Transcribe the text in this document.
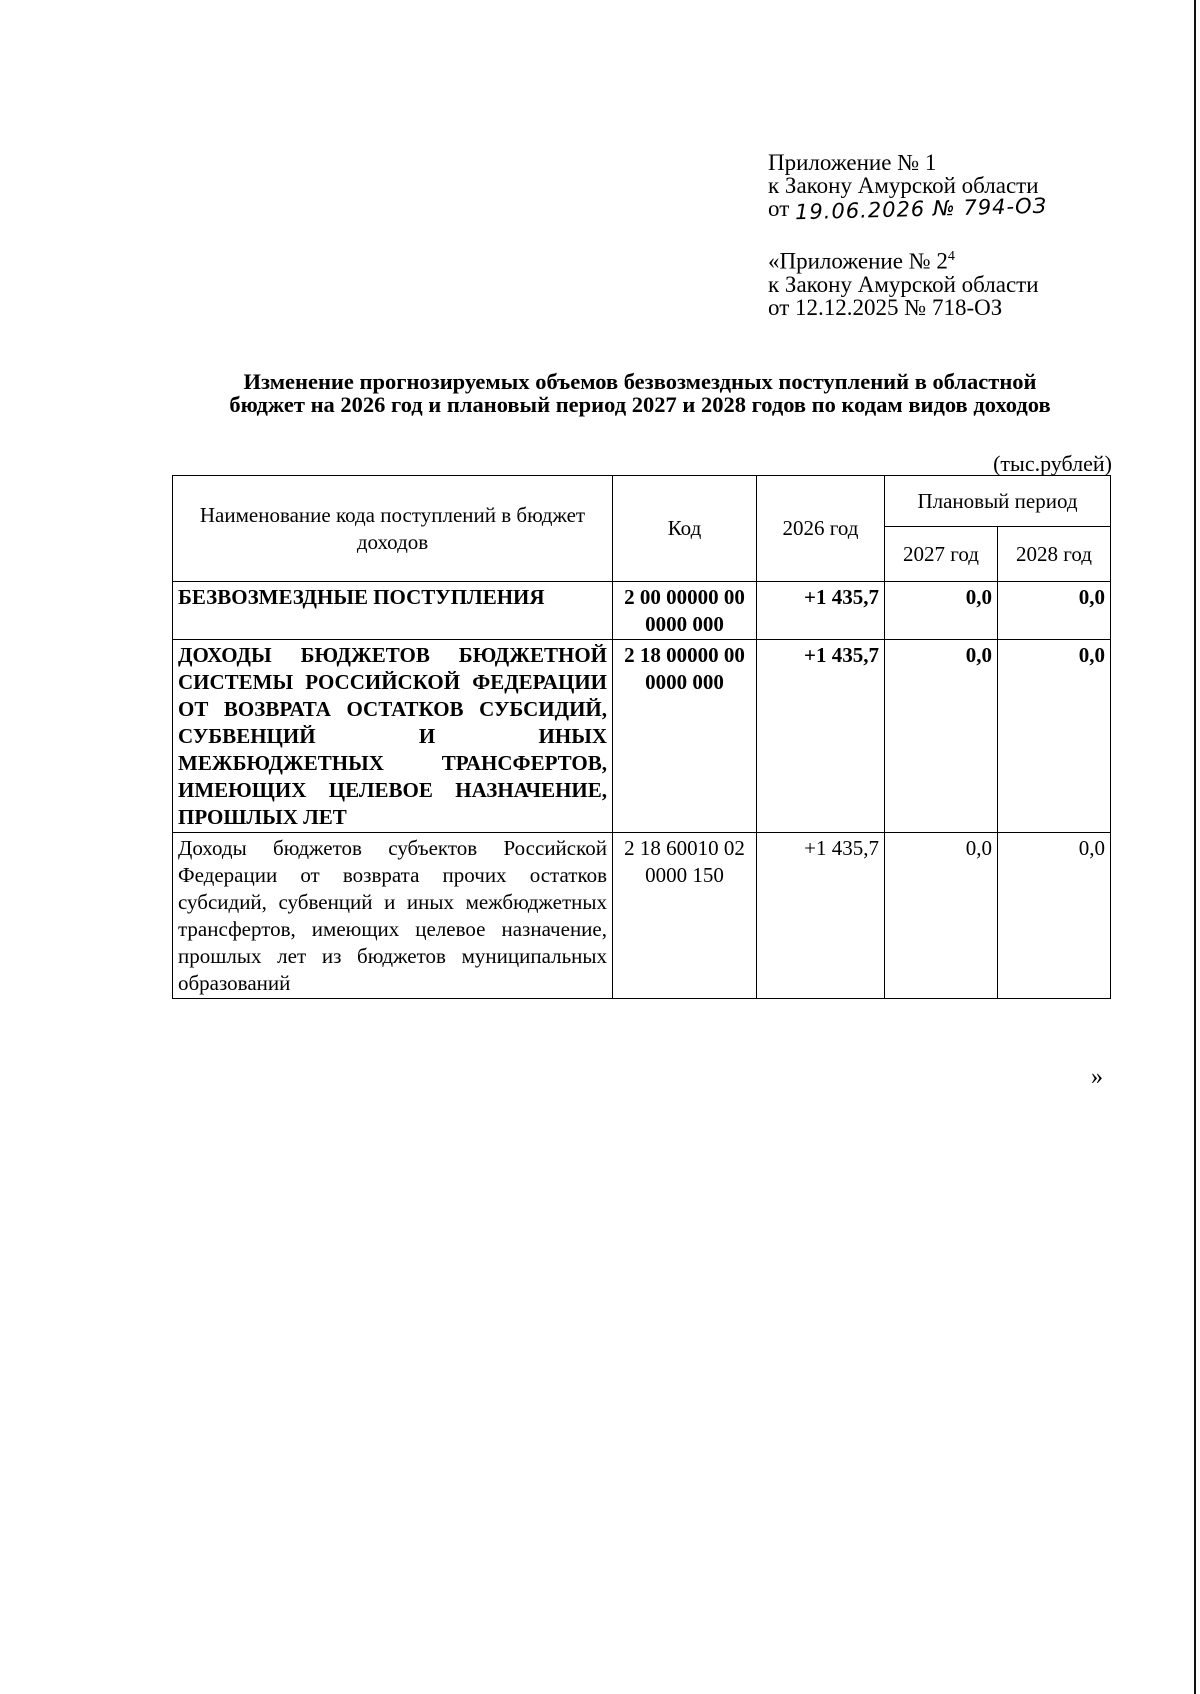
Приложение № 1
к Закону Амурской области
от 19.06.2026 № 794-ОЗ
«Приложение № $2^4$
к Закону Амурской области
от 12.12.2025 № 718-ОЗ
Изменение прогнозируемых объемов безвозмездных поступлений в областной
бюджет на 2026 год и плановый период 2027 и 2028 годов по кодам видов доходов
(тыс.рублей)
Наименование кода поступлений в бюджет доходов	Код	2026 год	Плановый период	
			2027 год	2028 год
БЕЗВОЗМЕЗДНЫЕ ПОСТУПЛЕНИЯ	2 00 00000 00 0000 000	+1 435,7	0,0	0,0
ДОХОДЫ БЮДЖЕТОВ БЮДЖЕТНОЙ СИСТЕМЫ РОССИЙСКОЙ ФЕДЕРАЦИИ ОТ ВОЗВРАТА ОСТАТКОВ СУБСИДИЙ, СУБВЕНЦИЙ И ИНЫХ МЕЖБЮДЖЕТНЫХ ТРАНСФЕРТОВ, ИМЕЮЩИХ ЦЕЛЕВОЕ НАЗНАЧЕНИЕ, ПРОШЛЫХ ЛЕТ	2 18 00000 00 0000 000	+1 435,7	0,0	0,0
Доходы бюджетов субъектов Российской Федерации от возврата прочих остатков субсидий, субвенций и иных межбюджетных трансфертов, имеющих целевое назначение, прошлых лет из бюджетов муниципальных образований	2 18 60010 02 0000 150	+1 435,7	0,0	0,0
»
